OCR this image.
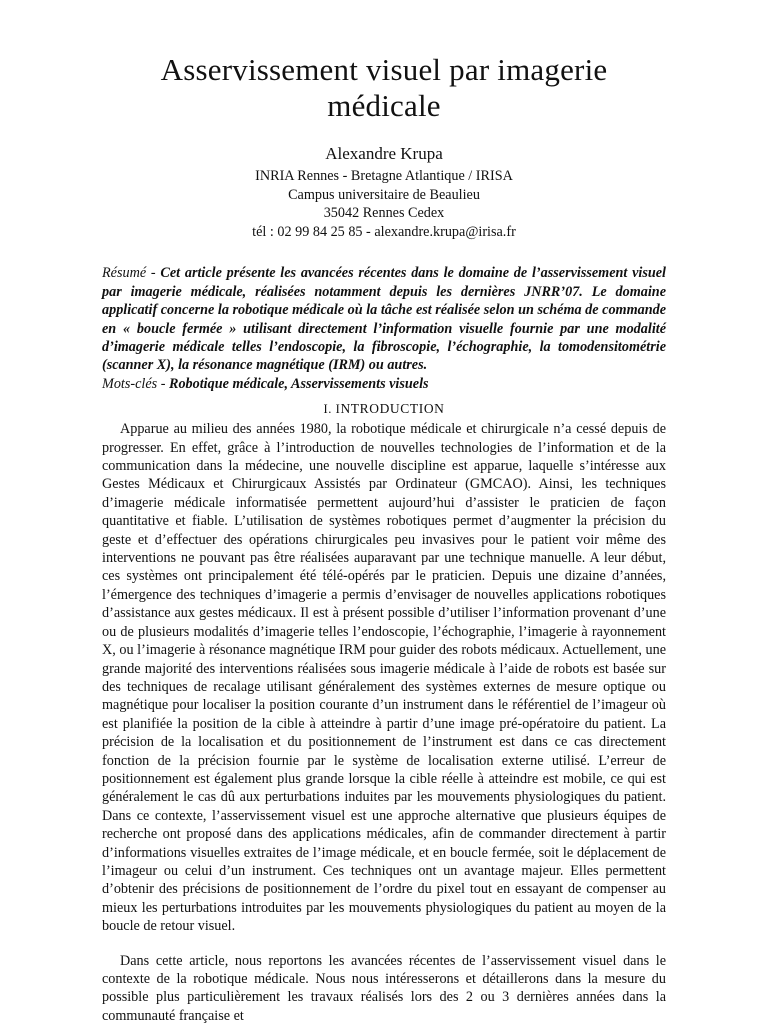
Asservissement visuel par imagerie médicale
Alexandre Krupa
INRIA Rennes - Bretagne Atlantique / IRISA
Campus universitaire de Beaulieu
35042 Rennes Cedex
tél : 02 99 84 25 85 - alexandre.krupa@irisa.fr
Résumé - Cet article présente les avancées récentes dans le domaine de l’asservissement visuel par imagerie médicale, réalisées notamment depuis les dernières JNRR’07. Le domaine applicatif concerne la robotique médicale où la tâche est réalisée selon un schéma de commande en « boucle fermée » utilisant directement l’information visuelle fournie par une modalité d’imagerie médicale telles l’endoscopie, la fibroscopie, l’échographie, la tomodensitométrie (scanner X), la résonance magnétique (IRM) ou autres.
Mots-clés - Robotique médicale, Asservissements visuels
I. INTRODUCTION

Apparue au milieu des années 1980, la robotique médicale et chirurgicale n’a cessé depuis de progresser. En effet, grâce à l’introduction de nouvelles technologies de l’information et de la communication dans la médecine, une nouvelle discipline est apparue, laquelle s’intéresse aux Gestes Médicaux et Chirurgicaux Assistés par Ordinateur (GMCAO). Ainsi, les techniques d’imagerie médicale informatisée permettent aujourd’hui d’assister le praticien de façon quantitative et fiable. L’utilisation de systèmes robotiques permet d’augmenter la précision du geste et d’effectuer des opérations chirurgicales peu invasives pour le patient voir même des interventions ne pouvant pas être réalisées auparavant par une technique manuelle. A leur début, ces systèmes ont principalement été télé-opérés par le praticien. Depuis une dizaine d’années, l’émergence des techniques d’imagerie a permis d’envisager de nouvelles applications robotiques d’assistance aux gestes médicaux. Il est à présent possible d’utiliser l’information provenant d’une ou de plusieurs modalités d’imagerie telles l’endoscopie, l’échographie, l’imagerie à rayonnement X, ou l’imagerie à résonance magnétique IRM pour guider des robots médicaux. Actuellement, une grande majorité des interventions réalisées sous imagerie médicale à l’aide de robots est basée sur des techniques de recalage utilisant généralement des systèmes externes de mesure optique ou magnétique pour localiser la position courante d’un instrument dans le référentiel de l’imageur où est planifiée la position de la cible à atteindre à partir d’une image pré-opératoire du patient. La précision de la localisation et du positionnement de l’instrument est dans ce cas directement fonction de la précision fournie par le système de localisation externe utilisé. L’erreur de positionnement est également plus grande lorsque la cible réelle à atteindre est mobile, ce qui est généralement le cas dû aux perturbations induites par les mouvements physiologiques du patient. Dans ce contexte, l’asservissement visuel est une approche alternative que plusieurs équipes de recherche ont proposé dans des applications médicales, afin de commander directement à partir d’informations visuelles extraites de l’image médicale, et en boucle fermée, soit le déplacement de l’imageur ou celui d’un instrument. Ces techniques ont un avantage majeur. Elles permettent d’obtenir des précisions de positionnement de l’ordre du pixel tout en essayant de compenser au mieux les perturbations introduites par les mouvements physiologiques du patient au moyen de la boucle de retour visuel.

Dans cette article, nous reportons les avancées récentes de l’asservissement visuel dans le contexte de la robotique médicale. Nous nous intéresserons et détaillerons dans la mesure du possible plus particulièrement les travaux réalisés lors des 2 ou 3 dernières années dans la communauté française et
